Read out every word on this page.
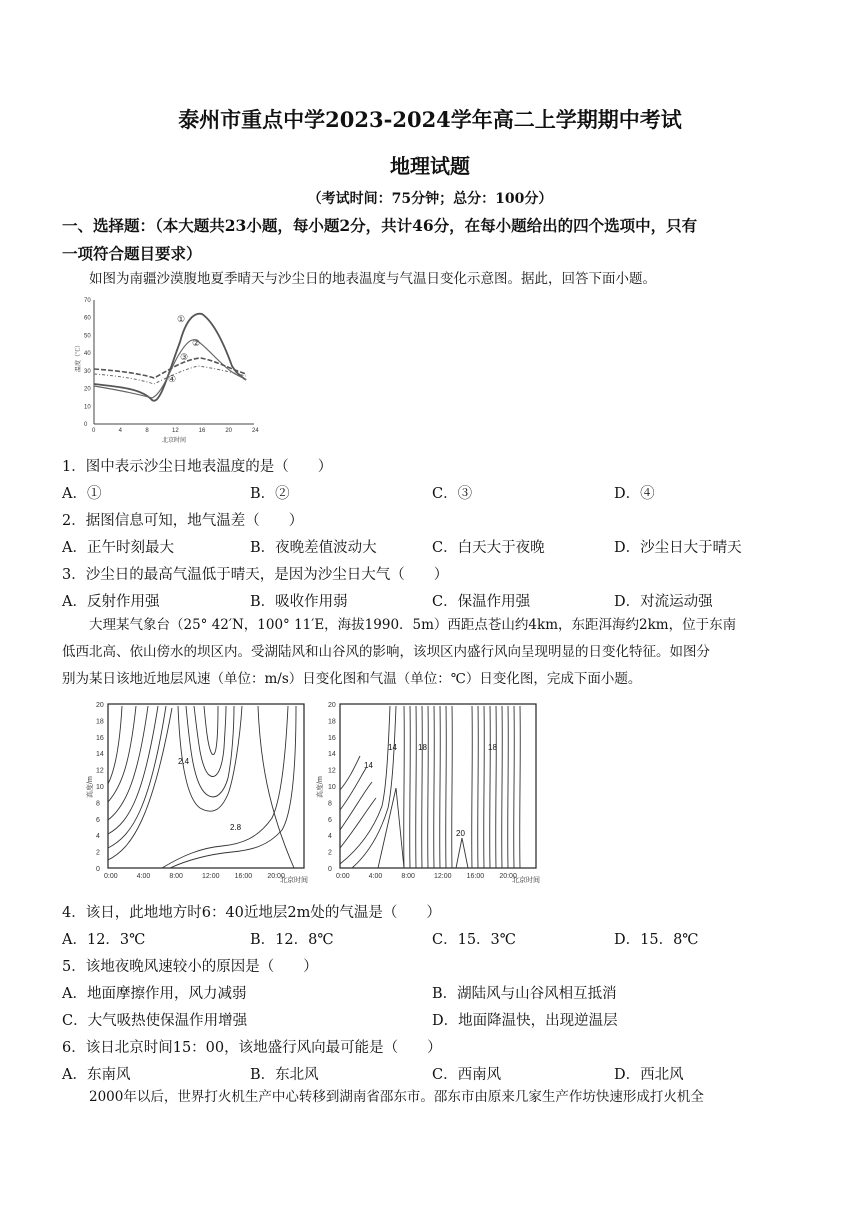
泰州市重点中学2023-2024学年高二上学期期中考试
地理试题
（考试时间：75分钟；总分：100分）
一、选择题：（本大题共23小题，每小题2分，共计46分，在每小题给出的四个选项中，只有
一项符合题目要求）
如图为南疆沙漠腹地夏季晴天与沙尘日的地表温度与气温日变化示意图。据此，回答下面小题。
0
10
20
30
40
50
60
70
0	4	8	12	16	20	24
温度（℃）
北京时间
①
②
③
④
1．图中表示沙尘日地表温度的是（　　）
A．①	B．②	C．③	D．④
2．据图信息可知，地气温差（　　）
A．正午时刻最大	B．夜晚差值波动大	C．白天大于夜晚	D．沙尘日大于晴天
3．沙尘日的最高气温低于晴天，是因为沙尘日大气（　　）
A．反射作用强	B．吸收作用弱	C．保温作用强	D．对流运动强
大理某气象台（25° 42′N，100° 11′E，海拔1990．5m）西距点苍山约4km，东距洱海约2km，位于东南
低西北高、依山傍水的坝区内。受湖陆风和山谷风的影响，该坝区内盛行风向呈现明显的日变化特征。如图分
别为某日该地近地层风速（单位：m/s）日变化图和气温（单位：℃）日变化图，完成下面小题。
0
2
4
6
8
10
12
14
16
18
20
0:00	4:00	8:00	12:00 16:00 20:00
高度/m
北京时间
2.4
2.8
0
2
4
6
8
10
12
14
16
18
20
0:00	4:00	8:00	12:00 16:00 20:00
高度/m
北京时间
14
14
18	18
20
4．该日，此地地方时6：40近地层2m处的气温是（　　）
A．12．3℃	B．12．8℃	C．15．3℃	D．15．8℃
5．该地夜晚风速较小的原因是（　　）
A．地面摩擦作用，风力减弱	B．湖陆风与山谷风相互抵消
C．大气吸热使保温作用增强	D．地面降温快，出现逆温层
6．该日北京时间15：00，该地盛行风向最可能是（　　）
A．东南风	B．东北风	C．西南风	D．西北风
2000年以后，世界打火机生产中心转移到湖南省邵东市。邵东市由原来几家生产作坊快速形成打火机全
